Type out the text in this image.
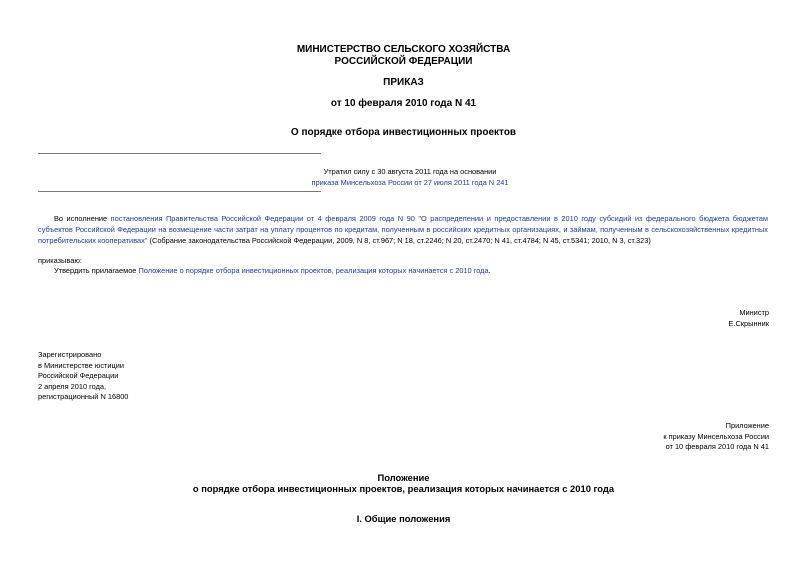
МИНИСТЕРСТВО СЕЛЬСКОГО ХОЗЯЙСТВА
РОССИЙСКОЙ ФЕДЕРАЦИИ
ПРИКАЗ
от 10 февраля 2010 года N 41
О порядке отбора инвестиционных проектов
Утратил силу с 30 августа 2011 года на основании
приказа Минсельхоза России от 27 июля 2011 года N 241
Во исполнение постановления Правительства Российской Федерации от 4 февраля 2009 года N 90 "О распределении и предоставлении в 2010 году субсидий из федерального бюджета бюджетам субъектов Российской Федерации на возмещение части затрат на уплату процентов по кредитам, полученным в российских кредитных организациях, и займам, полученным в сельскохозяйственных кредитных потребительских кооперативах" (Собрание законодательства Российской Федерации, 2009, N 8, ст.967; N 18, ст.2246; N 20, ст.2470; N 41, ст.4784; N 45, ст.5341; 2010, N 3, ст.323)
приказываю:
Утвердить прилагаемое Положение о порядке отбора инвестиционных проектов, реализация которых начинается с 2010 года.
Министр
Е.Скрынник
Зарегистрировано
в Министерстве юстиции
Российской Федерации
2 апреля 2010 года,
регистрационный N 16800
Приложение
к приказу Минсельхоза России
от 10 февраля 2010 года N 41
Положение
о порядке отбора инвестиционных проектов, реализация которых начинается с 2010 года
I. Общие положения
